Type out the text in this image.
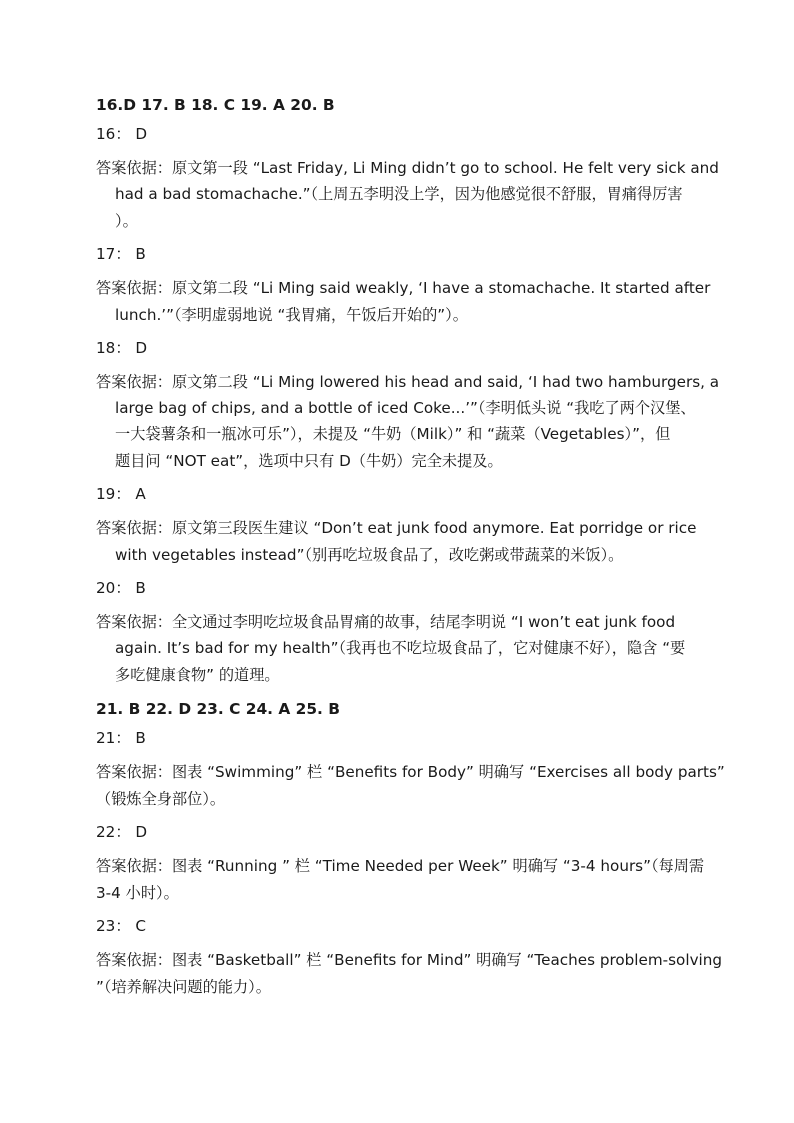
16.D 17. B 18. C 19. A 20. B
16： D
答案依据：原文第一段 “Last Friday, Li Ming didn’t go to school. He felt very sick and
had a bad stomachache.”（上周五李明没上学，因为他感觉很不舒服，胃痛得厉害
）。
17： B
答案依据：原文第二段 “Li Ming said weakly, ‘I have a stomachache. It started after
lunch.’”（李明虚弱地说 “我胃痛，午饭后开始的”）。
18： D
答案依据：原文第二段 “Li Ming lowered his head and said, ‘I had two hamburgers, a
large bag of chips, and a bottle of iced Coke...’”（李明低头说 “我吃了两个汉堡、
一大袋薯条和一瓶冰可乐”），未提及 “牛奶（Milk）” 和 “蔬菜（Vegetables）”，但
题目问 “NOT eat”，选项中只有 D（牛奶）完全未提及。
19： A
答案依据：原文第三段医生建议 “Don’t eat junk food anymore. Eat porridge or rice
with vegetables instead”（别再吃垃圾食品了，改吃粥或带蔬菜的米饭）。
20： B
答案依据：全文通过李明吃垃圾食品胃痛的故事，结尾李明说 “I won’t eat junk food
again. It’s bad for my health”（我再也不吃垃圾食品了，它对健康不好），隐含 “要
多吃健康食物” 的道理。
21. B 22. D 23. C 24. A 25. B
21： B
答案依据：图表 “Swimming” 栏 “Benefits for Body” 明确写 “Exercises all body parts”
（锻炼全身部位）。
22： D
答案依据：图表 “Running ” 栏 “Time Needed per Week” 明确写 “3-4 hours”（每周需
3-4 小时）。
23： C
答案依据：图表 “Basketball” 栏 “Benefits for Mind” 明确写 “Teaches problem-solving
”（培养解决问题的能力）。
